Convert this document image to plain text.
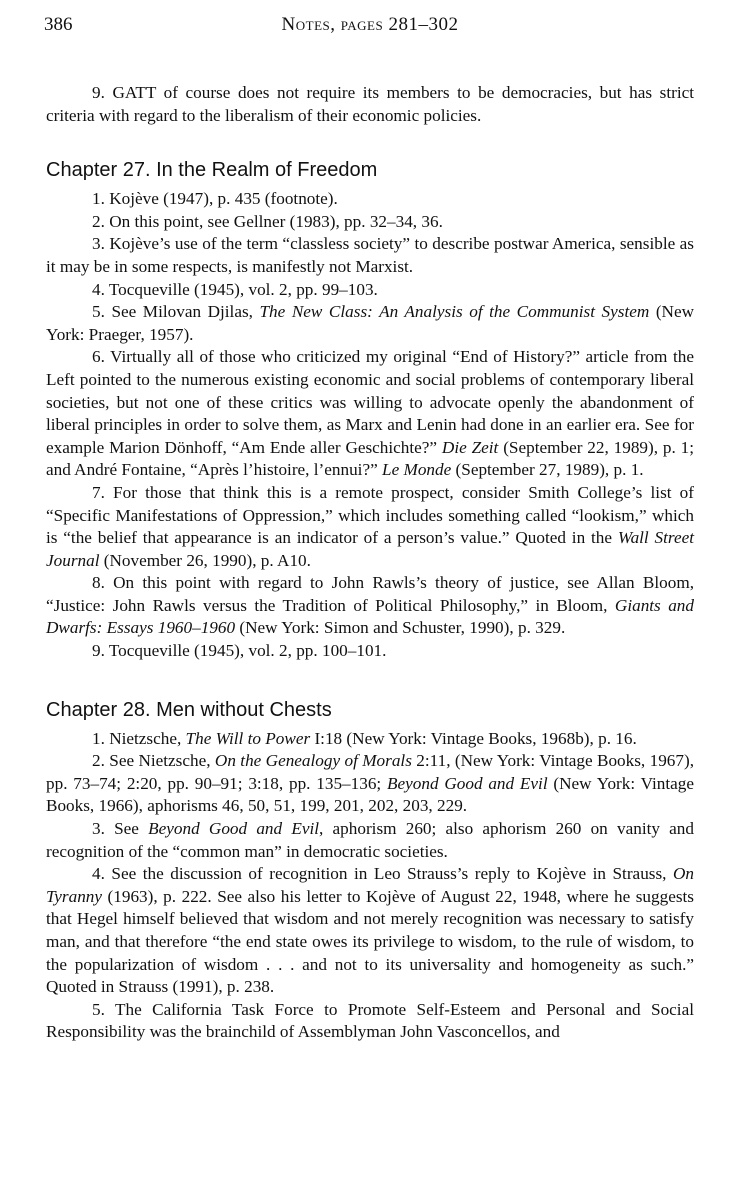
386	Notes, pages 281–302

9. GATT of course does not require its members to be democracies, but has strict criteria with regard to the liberalism of their economic policies.

Chapter 27. In the Realm of Freedom

1. Kojève (1947), p. 435 (footnote).

2. On this point, see Gellner (1983), pp. 32–34, 36.

3. Kojève’s use of the term “classless society” to describe postwar America, sensible as it may be in some respects, is manifestly not Marxist.

4. Tocqueville (1945), vol. 2, pp. 99–103.

5. See Milovan Djilas, The New Class: An Analysis of the Communist System (New York: Praeger, 1957).

6. Virtually all of those who criticized my original “End of History?” article from the Left pointed to the numerous existing economic and social problems of contemporary liberal societies, but not one of these critics was willing to advocate openly the abandonment of liberal principles in order to solve them, as Marx and Lenin had done in an earlier era. See for example Marion Dönhoff, “Am Ende aller Geschichte?” Die Zeit (September 22, 1989), p. 1; and André Fontaine, “Après l’histoire, l’ennui?” Le Monde (September 27, 1989), p. 1.

7. For those that think this is a remote prospect, consider Smith College’s list of “Specific Manifestations of Oppression,” which includes something called “lookism,” which is “the belief that appearance is an indicator of a person’s value.” Quoted in the Wall Street Journal (November 26, 1990), p. A10.

8. On this point with regard to John Rawls’s theory of justice, see Allan Bloom, “Justice: John Rawls versus the Tradition of Political Philosophy,” in Bloom, Giants and Dwarfs: Essays 1960–1960 (New York: Simon and Schuster, 1990), p. 329.

9. Tocqueville (1945), vol. 2, pp. 100–101.

Chapter 28. Men without Chests

1. Nietzsche, The Will to Power I:18 (New York: Vintage Books, 1968b), p. 16.

2. See Nietzsche, On the Genealogy of Morals 2:11, (New York: Vintage Books, 1967), pp. 73–74; 2:20, pp. 90–91; 3:18, pp. 135–136; Beyond Good and Evil (New York: Vintage Books, 1966), aphorisms 46, 50, 51, 199, 201, 202, 203, 229.

3. See Beyond Good and Evil, aphorism 260; also aphorism 260 on vanity and recognition of the “common man” in democratic societies.

4. See the discussion of recognition in Leo Strauss’s reply to Kojève in Strauss, On Tyranny (1963), p. 222. See also his letter to Kojève of August 22, 1948, where he suggests that Hegel himself believed that wisdom and not merely recognition was necessary to satisfy man, and that therefore “the end state owes its privilege to wisdom, to the rule of wisdom, to the popularization of wisdom . . . and not to its universality and homogeneity as such.” Quoted in Strauss (1991), p. 238.

5. The California Task Force to Promote Self-Esteem and Personal and Social Responsibility was the brainchild of Assemblyman John Vasconcellos, and
